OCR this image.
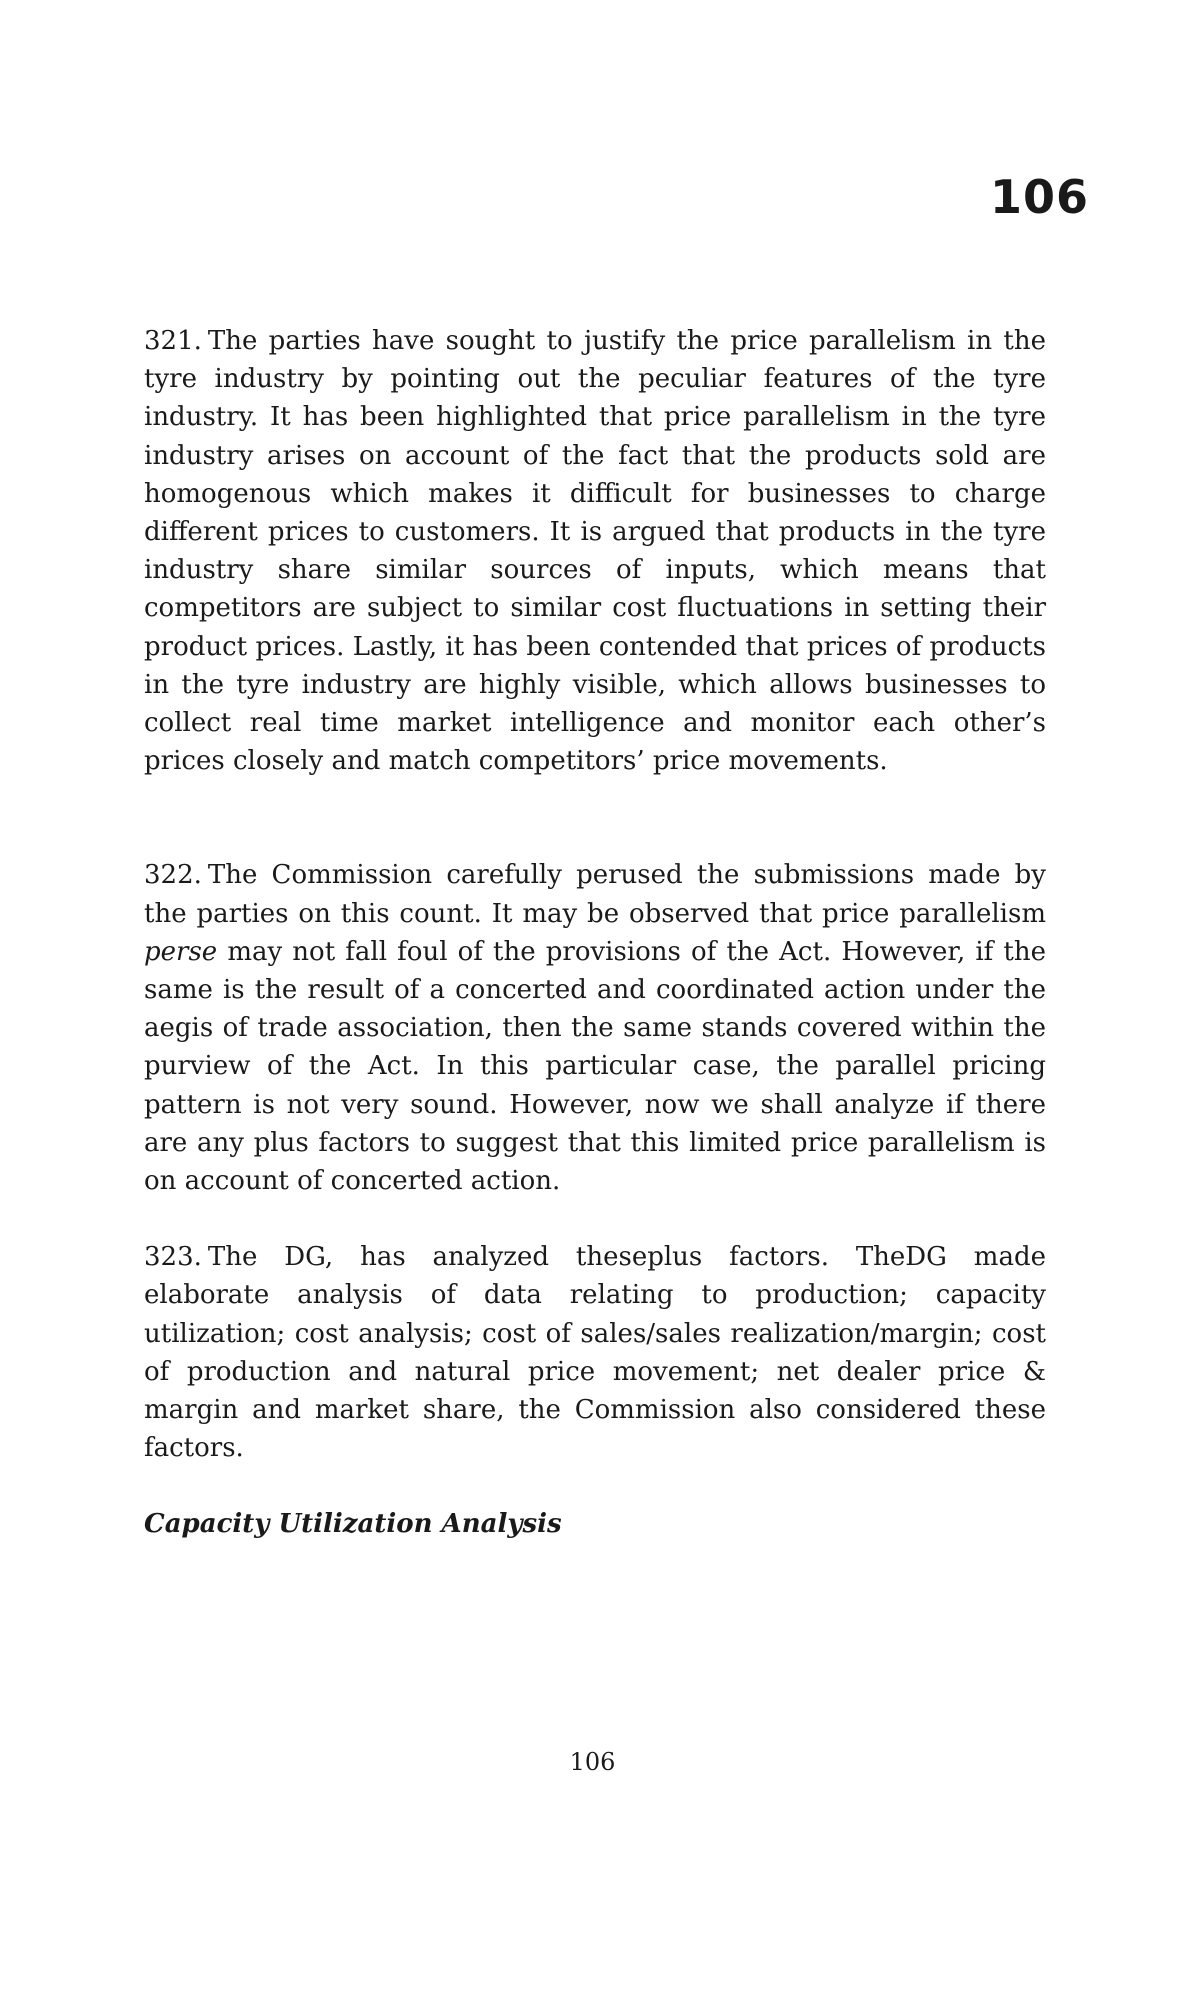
106

321. The parties have sought to justify the price parallelism in the tyre industry by pointing out the peculiar features of the tyre industry. It has been highlighted that price parallelism in the tyre industry arises on account of the fact that the products sold are homogenous which makes it difficult for businesses to charge different prices to customers. It is argued that products in the tyre industry share similar sources of inputs, which means that competitors are subject to similar cost fluctuations in setting their product prices. Lastly, it has been contended that prices of products in the tyre industry are highly visible, which allows businesses to collect real time market intelligence and monitor each other’s prices closely and match competitors’ price movements.

322. The Commission carefully perused the submissions made by the parties on this count. It may be observed that price parallelism perse may not fall foul of the provisions of the Act. However, if the same is the result of a concerted and coordinated action under the aegis of trade association, then the same stands covered within the purview of the Act. In this particular case, the parallel pricing pattern is not very sound. However, now we shall analyze if there are any plus factors to suggest that this limited price parallelism is on account of concerted action.

323. The DG, has analyzed theseplus factors. TheDG made elaborate analysis of data relating to production; capacity utilization; cost analysis; cost of sales/sales realization/margin; cost of production and natural price movement; net dealer price & margin and market share, the Commission also considered these factors.

Capacity Utilization Analysis

106
